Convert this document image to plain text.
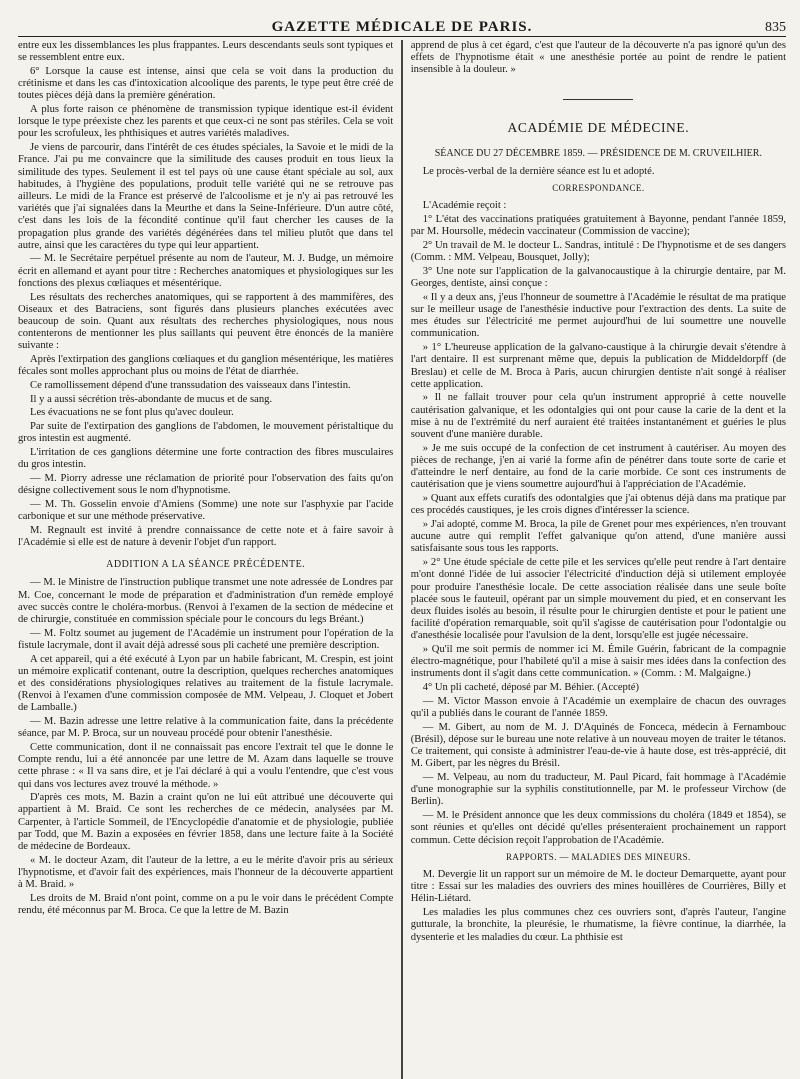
GAZETTE MÉDICALE DE PARIS.	835

entre eux les dissemblances les plus frappantes. Leurs descendants seuls sont typiques et se ressemblent entre eux.

6° Lorsque la cause est intense, ainsi que cela se voit dans la production du crétinisme et dans les cas d'intoxication alcoolique des parents, le type peut être créé de toutes pièces déjà dans la première génération.

A plus forte raison ce phénomène de transmission typique identique est-il évident lorsque le type préexiste chez les parents et que ceux-ci ne sont pas stériles. Cela se voit pour les scrofuleux, les phthisiques et autres variétés maladives.

Je viens de parcourir, dans l'intérêt de ces études spéciales, la Savoie et le midi de la France. J'ai pu me convaincre que la similitude des causes produit en tous lieux la similitude des types. Seulement il est tel pays où une cause étant spéciale au sol, aux habitudes, à l'hygiène des populations, produit telle variété qui ne se retrouve pas ailleurs. Le midi de la France est préservé de l'alcoolisme et je n'y ai pas retrouvé les variétés que j'ai signalées dans la Meurthe et dans la Seine-Inférieure. D'un autre côté, c'est dans les lois de la fécondité continue qu'il faut chercher les causes de la propagation plus grande des variétés dégénérées dans tel milieu plutôt que dans tel autre, ainsi que les caractères du type qui leur appartient.

— M. le Secrétaire perpétuel présente au nom de l'auteur, M. J. Budge, un mémoire écrit en allemand et ayant pour titre : Recherches anatomiques et physiologiques sur les fonctions des plexus cœliaques et mésentérique.

Les résultats des recherches anatomiques, qui se rapportent à des mammifères, des Oiseaux et des Batraciens, sont figurés dans plusieurs planches exécutées avec beaucoup de soin. Quant aux résultats des recherches physiologiques, nous nous contenterons de mentionner les plus saillants qui peuvent être énoncés de la manière suivante :

Après l'extirpation des ganglions cœliaques et du ganglion mésentérique, les matières fécales sont molles approchant plus ou moins de l'état de diarrhée.

Ce ramollissement dépend d'une transsudation des vaisseaux dans l'intestin.

Il y a aussi sécrétion très-abondante de mucus et de sang.

Les évacuations ne se font plus qu'avec douleur.

Par suite de l'extirpation des ganglions de l'abdomen, le mouvement péristaltique du gros intestin est augmenté.

L'irritation de ces ganglions détermine une forte contraction des fibres musculaires du gros intestin.

— M. Piorry adresse une réclamation de priorité pour l'observation des faits qu'on désigne collectivement sous le nom d'hypnotisme.

— M. Th. Gosselin envoie d'Amiens (Somme) une note sur l'asphyxie par l'acide carbonique et sur une méthode préservative.

M. Regnault est invité à prendre connaissance de cette note et à faire savoir à l'Académie si elle est de nature à devenir l'objet d'un rapport.

ADDITION A LA SÉANCE PRÉCÉDENTE.

— M. le Ministre de l'instruction publique transmet une note adressée de Londres par M. Coe, concernant le mode de préparation et d'administration d'un remède employé avec succès contre le choléra-morbus. (Renvoi à l'examen de la section de médecine et de chirurgie, constituée en commission spéciale pour le concours du legs Bréant.)

— M. Foltz soumet au jugement de l'Académie un instrument pour l'opération de la fistule lacrymale, dont il avait déjà adressé sous pli cacheté une première description.

A cet appareil, qui a été exécuté à Lyon par un habile fabricant, M. Crespin, est joint un mémoire explicatif contenant, outre la description, quelques recherches anatomiques et des considérations physiologiques relatives au traitement de la fistule lacrymale. (Renvoi à l'examen d'une commission composée de MM. Velpeau, J. Cloquet et Jobert de Lamballe.)

— M. Bazin adresse une lettre relative à la communication faite, dans la précédente séance, par M. P. Broca, sur un nouveau procédé pour obtenir l'anesthésie.

Cette communication, dont il ne connaissait pas encore l'extrait tel que le donne le Compte rendu, lui a été annoncée par une lettre de M. Azam dans laquelle se trouve cette phrase : « Il va sans dire, et je l'ai déclaré à qui a voulu l'entendre, que c'est vous qui dans vos lectures avez trouvé la méthode. »

D'après ces mots, M. Bazin a craint qu'on ne lui eût attribué une découverte qui appartient à M. Braid. Ce sont les recherches de ce médecin, analysées par M. Carpenter, à l'article Sommeil, de l'Encyclopédie d'anatomie et de physiologie, publiée par Todd, que M. Bazin a exposées en février 1858, dans une lecture faite à la Société de médecine de Bordeaux.

« M. le docteur Azam, dit l'auteur de la lettre, a eu le mérite d'avoir pris au sérieux l'hypnotisme, et d'avoir fait des expériences, mais l'honneur de la découverte appartient à M. Braid. »

Les droits de M. Braid n'ont point, comme on a pu le voir dans le précédent Compte rendu, été méconnus par M. Broca. Ce que la lettre de M. Bazin

apprend de plus à cet égard, c'est que l'auteur de la découverte n'a pas ignoré qu'un des effets de l'hypnotisme était « une anesthésie portée au point de rendre le patient insensible à la douleur. »

ACADÉMIE DE MÉDECINE.
SÉANCE DU 27 DÉCEMBRE 1859. — PRÉSIDENCE DE M. CRUVEILHIER.

Le procès-verbal de la dernière séance est lu et adopté.

CORRESPONDANCE.

L'Académie reçoit :

1° L'état des vaccinations pratiquées gratuitement à Bayonne, pendant l'année 1859, par M. Hoursolle, médecin vaccinateur (Commission de vaccine);

2° Un travail de M. le docteur L. Sandras, intitulé : De l'hypnotisme et de ses dangers (Comm. : MM. Velpeau, Bousquet, Jolly);

3° Une note sur l'application de la galvanocaustique à la chirurgie dentaire, par M. Georges, dentiste, ainsi conçue :

« Il y a deux ans, j'eus l'honneur de soumettre à l'Académie le résultat de ma pratique sur le meilleur usage de l'anesthésie inductive pour l'extraction des dents. La suite de mes études sur l'électricité me permet aujourd'hui de lui soumettre une nouvelle communication.

» 1° L'heureuse application de la galvano-caustique à la chirurgie devait s'étendre à l'art dentaire. Il est surprenant même que, depuis la publication de Middeldorpff (de Breslau) et celle de M. Broca à Paris, aucun chirurgien dentiste n'ait songé à réaliser cette application.

» Il ne fallait trouver pour cela qu'un instrument approprié à cette nouvelle cautérisation galvanique, et les odontalgies qui ont pour cause la carie de la dent et la mise à nu de l'extrémité du nerf auraient été traitées instantanément et guéries le plus souvent d'une manière durable.

» Je me suis occupé de la confection de cet instrument à cautériser. Au moyen des pièces de rechange, j'en ai varié la forme afin de pénétrer dans toute sorte de carie et d'atteindre le nerf dentaire, au fond de la carie morbide. Ce sont ces instruments de cautérisation que je viens soumettre aujourd'hui à l'appréciation de l'Académie.

» Quant aux effets curatifs des odontalgies que j'ai obtenus déjà dans ma pratique par ces procédés caustiques, je les crois dignes d'intéresser la science.

» J'ai adopté, comme M. Broca, la pile de Grenet pour mes expériences, n'en trouvant aucune autre qui remplit l'effet galvanique qu'on attend, d'une manière aussi satisfaisante sous tous les rapports.

» 2° Une étude spéciale de cette pile et les services qu'elle peut rendre à l'art dentaire m'ont donné l'idée de lui associer l'électricité d'induction déjà si utilement employée pour produire l'anesthésie locale. De cette association réalisée dans une seule boîte placée sous le fauteuil, opérant par un simple mouvement du pied, et en conservant les deux fluides isolés au besoin, il résulte pour le chirurgien dentiste et pour le patient une facilité d'opération remarquable, soit qu'il s'agisse de cautérisation pour l'odontalgie ou d'anesthésie localisée pour l'avulsion de la dent, lorsqu'elle est jugée nécessaire.

» Qu'il me soit permis de nommer ici M. Émile Guérin, fabricant de la compagnie électro-magnétique, pour l'habileté qu'il a mise à saisir mes idées dans la confection des instruments dont il s'agit dans cette communication. » (Comm. : M. Malgaigne.)

4° Un pli cacheté, déposé par M. Béhier. (Accepté)

— M. Victor Masson envoie à l'Académie un exemplaire de chacun des ouvrages qu'il a publiés dans le courant de l'année 1859.

— M. Gibert, au nom de M. J. D'Aquinés de Fonceca, médecin à Fernambouc (Brésil), dépose sur le bureau une note relative à un nouveau moyen de traiter le tétanos. Ce traitement, qui consiste à administrer l'eau-de-vie à haute dose, est très-apprécié, dit M. Gibert, par les nègres du Brésil.

— M. Velpeau, au nom du traducteur, M. Paul Picard, fait hommage à l'Académie d'une monographie sur la syphilis constitutionnelle, par M. le professeur Virchow (de Berlin).

— M. le Président annonce que les deux commissions du choléra (1849 et 1854), se sont réunies et qu'elles ont décidé qu'elles présenteraient prochainement un rapport commun. Cette décision reçoit l'approbation de l'Académie.

RAPPORTS. — MALADIES DES MINEURS.

M. Devergie lit un rapport sur un mémoire de M. le docteur Demarquette, ayant pour titre : Essai sur les maladies des ouvriers des mines houillères de Courrières, Billy et Hélin-Liétard.

Les maladies les plus communes chez ces ouvriers sont, d'après l'auteur, l'angine gutturale, la bronchite, la pleurésie, le rhumatisme, la fièvre continue, la diarrhée, la dysenterie et les maladies du cœur. La phthisie est
